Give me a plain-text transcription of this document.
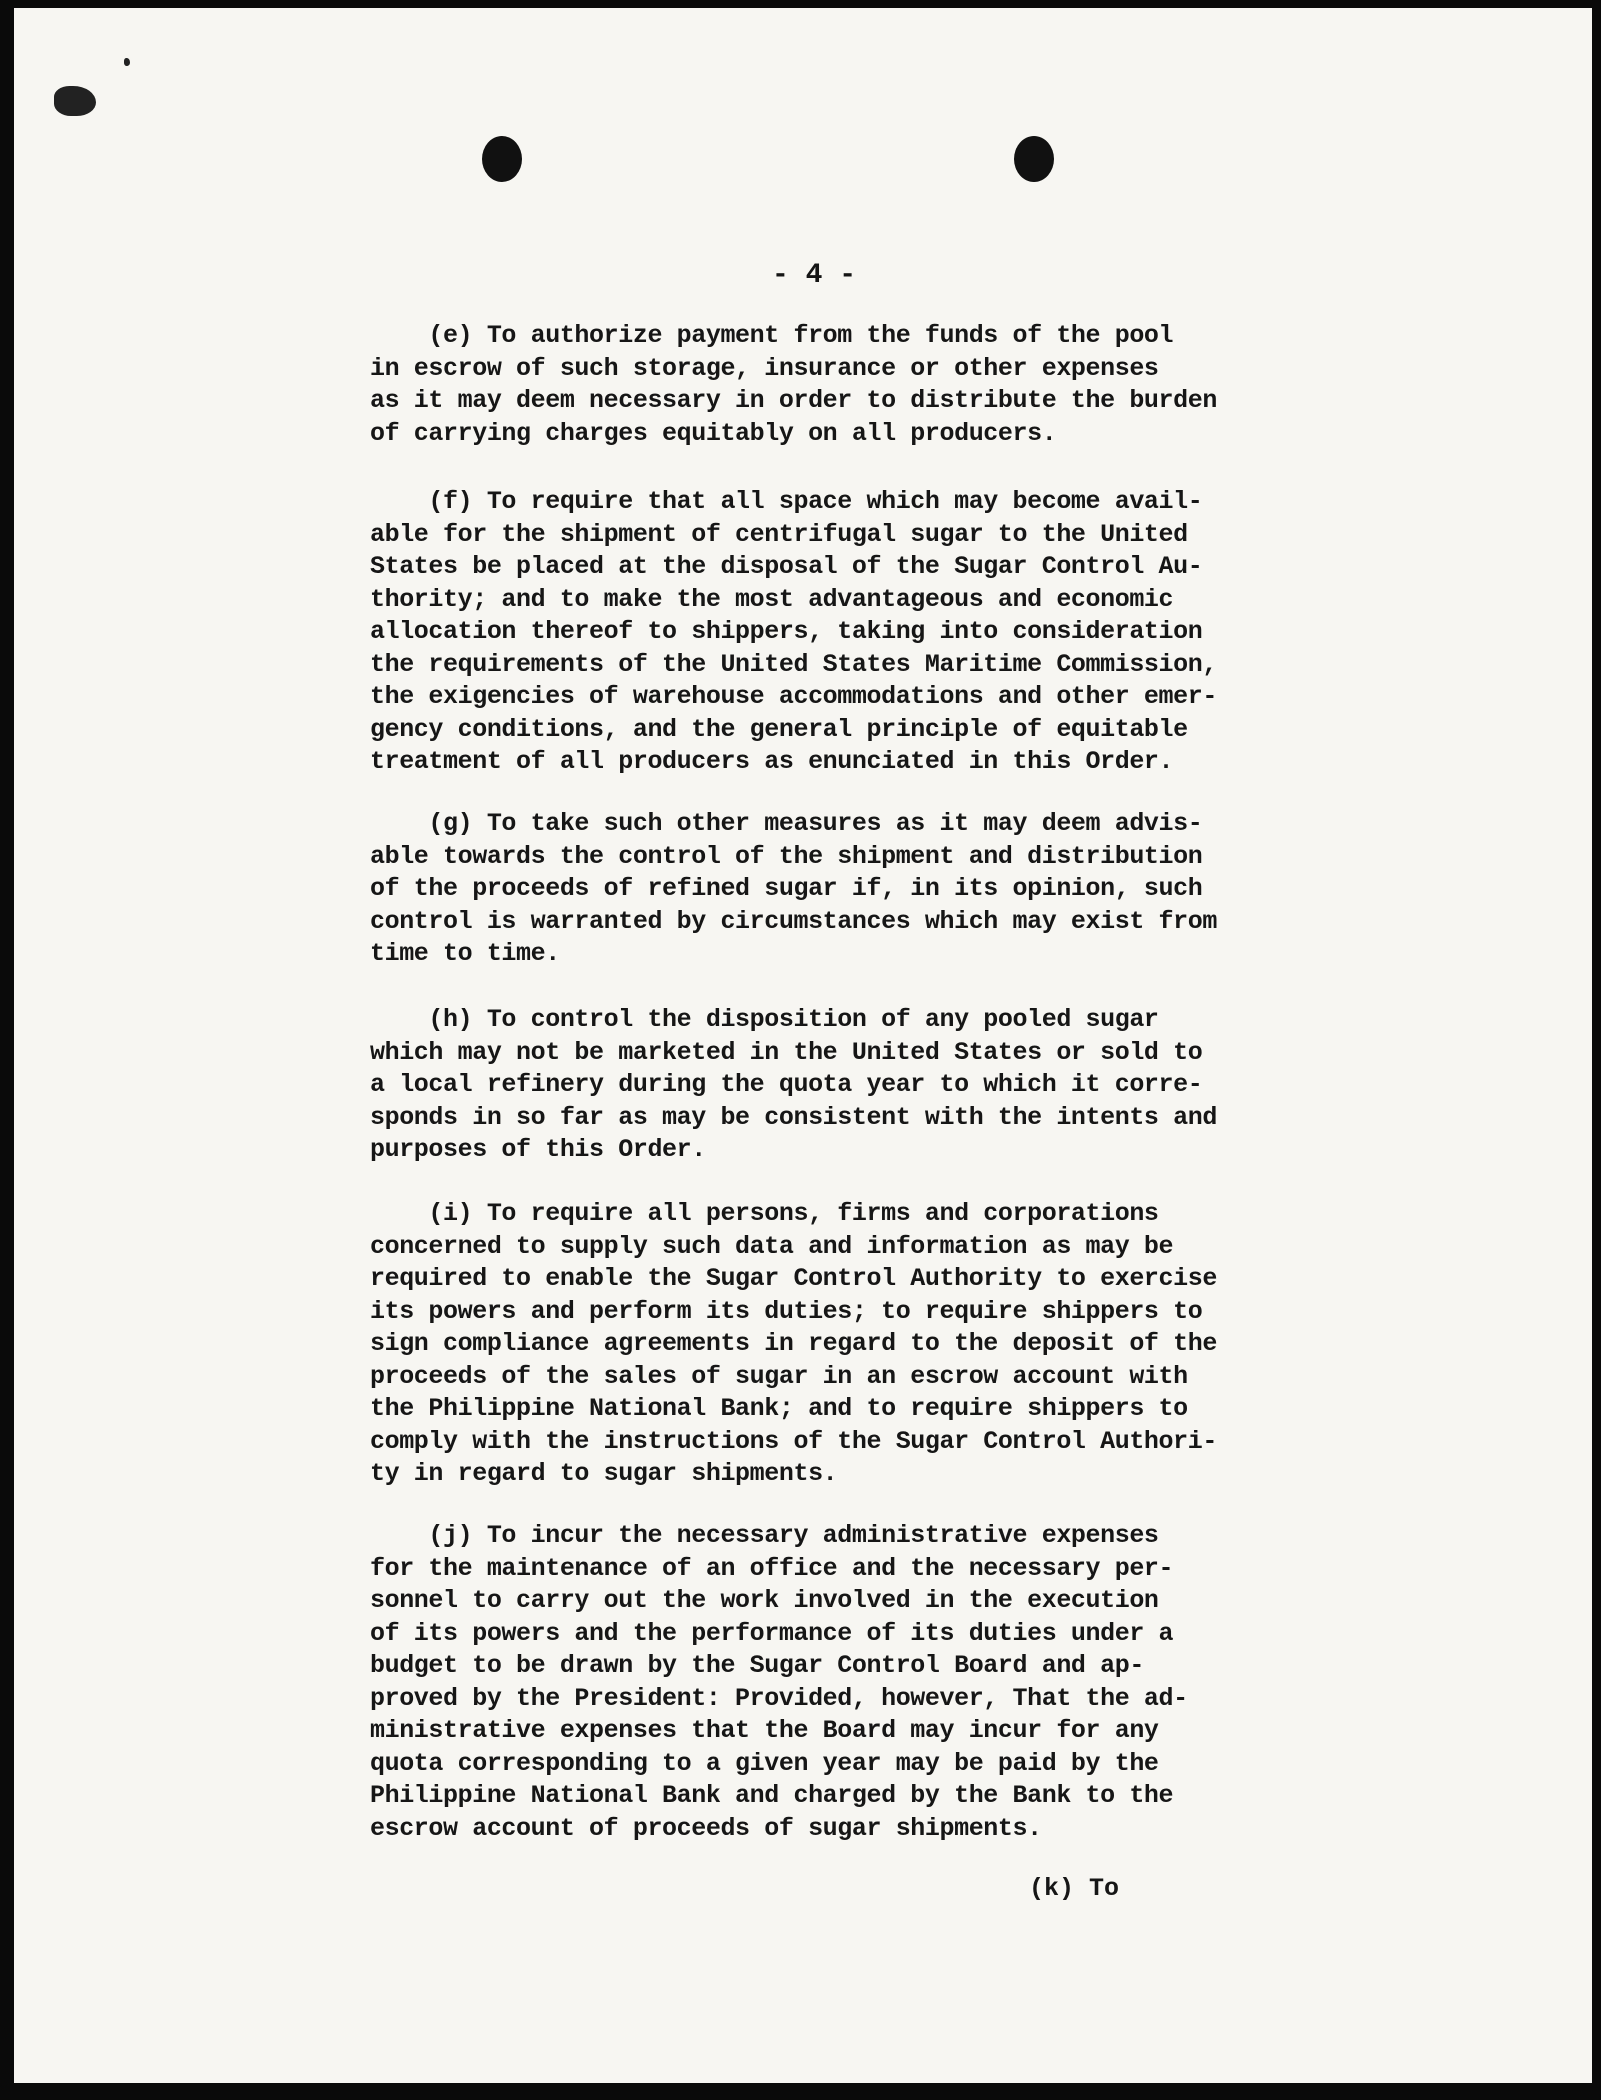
- 4 -
(e) To authorize payment from the funds of the pool
in escrow of such storage, insurance or other expenses
as it may deem necessary in order to distribute the burden
of carrying charges equitably on all producers.
(f) To require that all space which may become avail-
able for the shipment of centrifugal sugar to the United
States be placed at the disposal of the Sugar Control Au-
thority; and to make the most advantageous and economic
allocation thereof to shippers, taking into consideration
the requirements of the United States Maritime Commission,
the exigencies of warehouse accommodations and other emer-
gency conditions, and the general principle of equitable
treatment of all producers as enunciated in this Order.
(g) To take such other measures as it may deem advis-
able towards the control of the shipment and distribution
of the proceeds of refined sugar if, in its opinion, such
control is warranted by circumstances which may exist from
time to time.
(h) To control the disposition of any pooled sugar
which may not be marketed in the United States or sold to
a local refinery during the quota year to which it corre-
sponds in so far as may be consistent with the intents and
purposes of this Order.
(i) To require all persons, firms and corporations
concerned to supply such data and information as may be
required to enable the Sugar Control Authority to exercise
its powers and perform its duties; to require shippers to
sign compliance agreements in regard to the deposit of the
proceeds of the sales of sugar in an escrow account with
the Philippine National Bank; and to require shippers to
comply with the instructions of the Sugar Control Authori-
ty in regard to sugar shipments.
(j) To incur the necessary administrative expenses
for the maintenance of an office and the necessary per-
sonnel to carry out the work involved in the execution
of its powers and the performance of its duties under a
budget to be drawn by the Sugar Control Board and ap-
proved by the President: Provided, however, That the ad-
ministrative expenses that the Board may incur for any
quota corresponding to a given year may be paid by the
Philippine National Bank and charged by the Bank to the
escrow account of proceeds of sugar shipments.
(k) To
